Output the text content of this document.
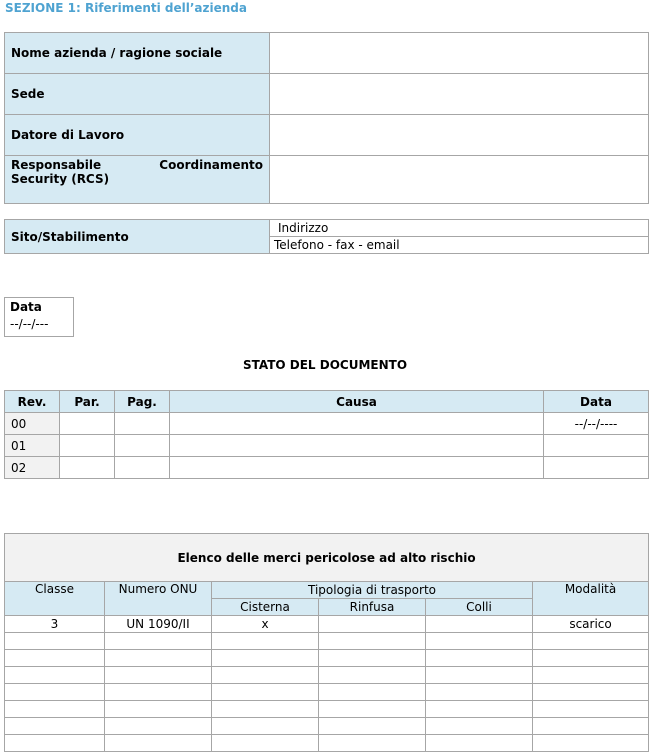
SEZIONE 1: Riferimenti dell’azienda
Nome azienda / ragione sociale	
Sede	
Datore di Lavoro	
Responsabile Coordinamento Security (RCS)	
Sito/Stabilimento	Indirizzo
Telefono - fax - email
Data
--/--/---
STATO DEL DOCUMENTO
Rev.	Par.	Pag.	Causa	Data
00				--/--/----
01				
02				
Elenco delle merci pericolose ad alto rischio					
Classe	Numero ONU	Tipologia di trasporto			Modalità
		Cisterna	Rinfusa	Colli	
3	UN 1090/II	x			scarico
